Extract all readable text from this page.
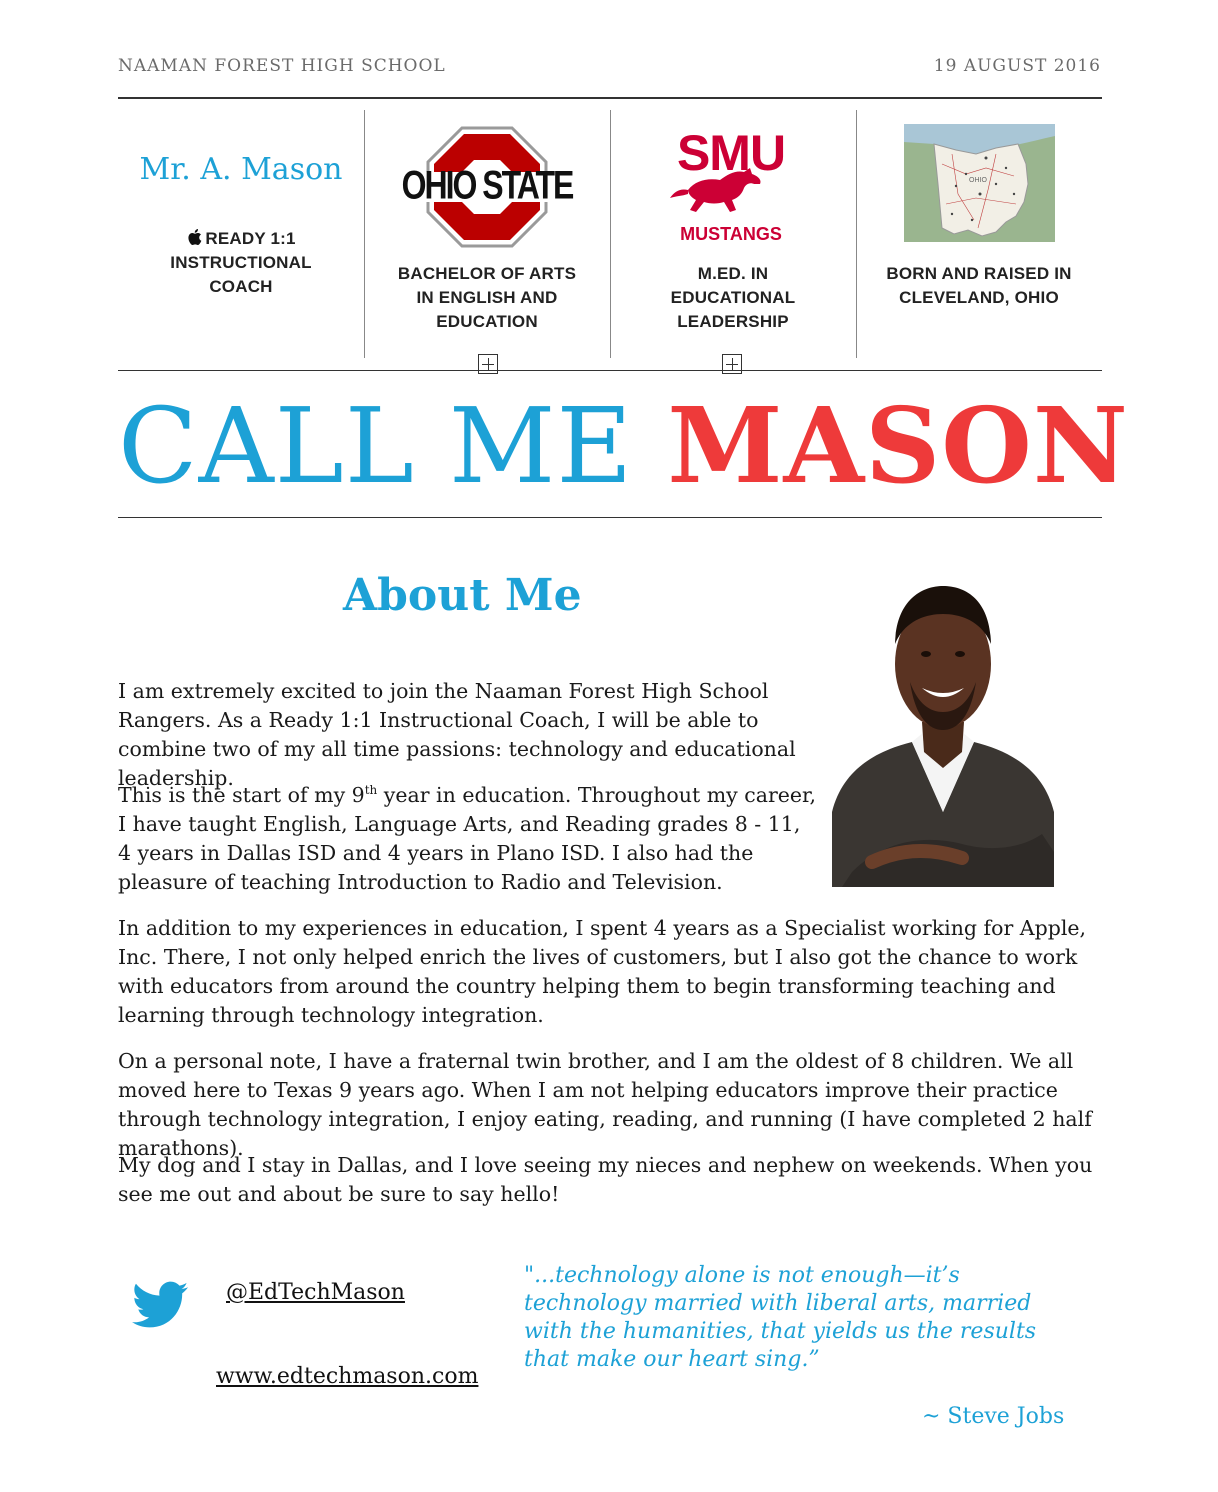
NAAMAN FOREST HIGH SCHOOL	19 AUGUST 2016
Mr. A. Mason
READY 1:1
INSTRUCTIONAL
COACH
OHIO STATE
BACHELOR OF ARTS
IN ENGLISH AND
EDUCATION
SMU
MUSTANGS
M.ED. IN
EDUCATIONAL
LEADERSHIP
OHIO
BORN AND RAISED IN
CLEVELAND, OHIO
CALL ME MASON
About Me
I am extremely excited to join the Naaman Forest High School Rangers. As a Ready 1:1 Instructional Coach, I will be able to combine two of my all time passions: technology and educational leadership.
This is the start of my 9th year in education. Throughout my career, I have taught English, Language Arts, and Reading grades 8 - 11, 4 years in Dallas ISD and 4 years in Plano ISD. I also had the pleasure of teaching Introduction to Radio and Television.
In addition to my experiences in education, I spent 4 years as a Specialist working for Apple, Inc. There, I not only helped enrich the lives of customers, but I also got the chance to work with educators from around the country helping them to begin transforming teaching and learning through technology integration.
On a personal note, I have a fraternal twin brother, and I am the oldest of 8 children. We all moved here to Texas 9 years ago. When I am not helping educators improve their practice through technology integration, I enjoy eating, reading, and running (I have completed 2 half marathons).
My dog and I stay in Dallas, and I love seeing my nieces and nephew on weekends. When you see me out and about be sure to say hello!
@EdTechMason
www.edtechmason.com
"...technology alone is not enough—it’s technology married with liberal arts, married with the humanities, that yields us the results that make our heart sing.”
~ Steve Jobs
